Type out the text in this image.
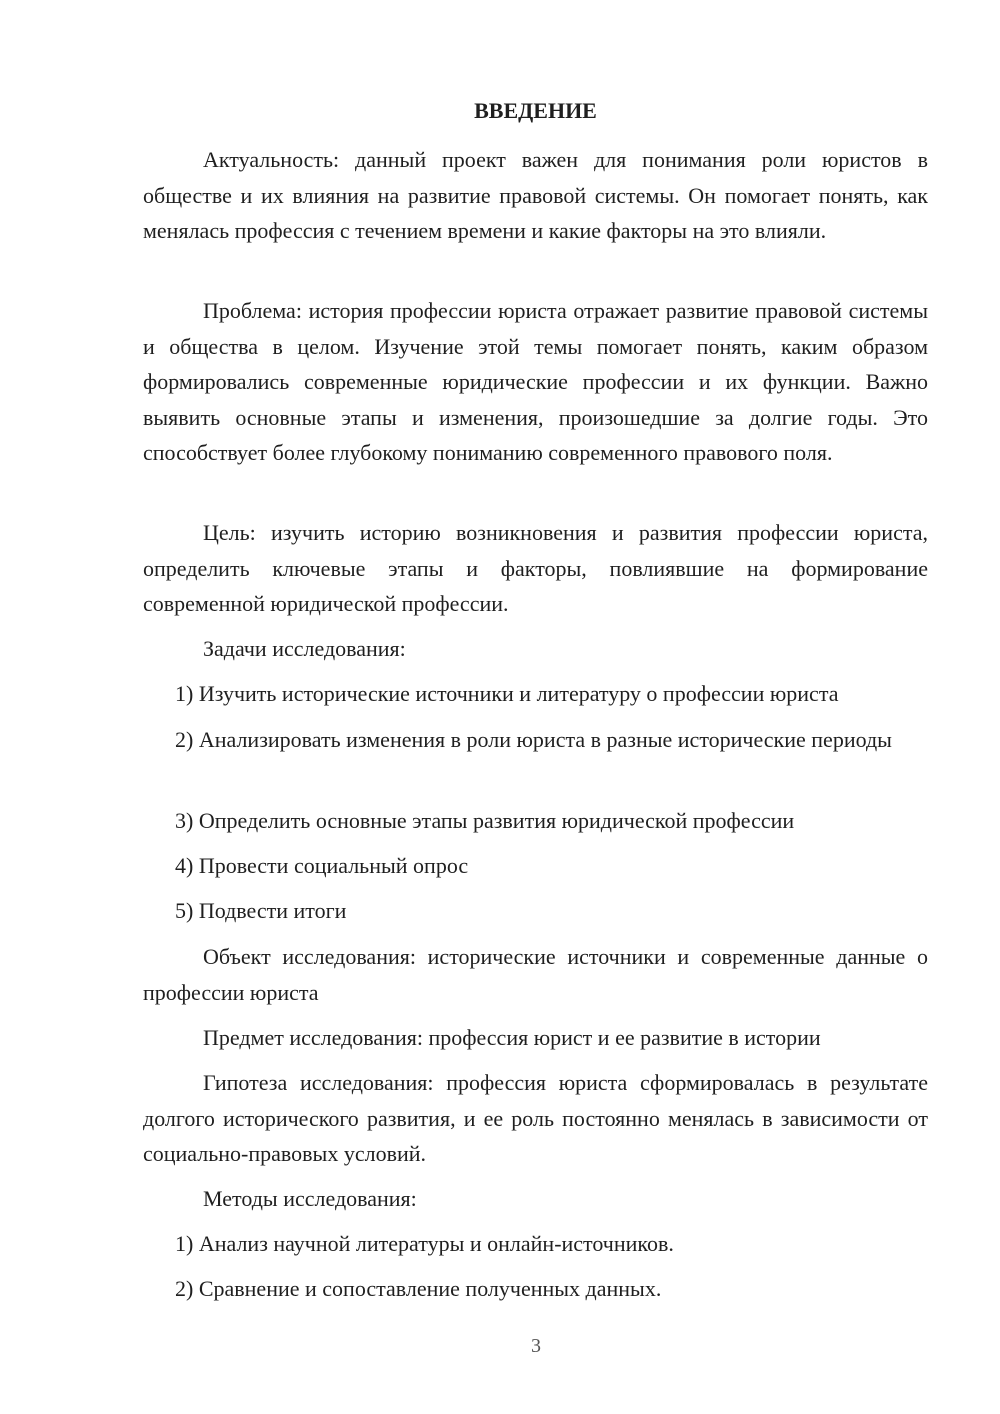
ВВЕДЕНИЕ

Актуальность: данный проект важен для понимания роли юристов в обществе и их влияния на развитие правовой системы. Он помогает понять, как менялась профессия с течением времени и какие факторы на это влияли.

Проблема: история профессии юриста отражает развитие правовой системы и общества в целом. Изучение этой темы помогает понять, каким образом формировались современные юридические профессии и их функции. Важно выявить основные этапы и изменения, произошедшие за долгие годы. Это способствует более глубокому пониманию современного правового поля.

Цель: изучить историю возникновения и развития профессии юриста, определить ключевые этапы и факторы, повлиявшие на формирование современной юридической профессии.

Задачи исследования:

1) Изучить исторические источники и литературу о профессии юриста

2) Анализировать изменения в роли юриста в разные исторические периоды

3) Определить основные этапы развития юридической профессии

4) Провести социальный опрос

5) Подвести итоги

Объект исследования: исторические источники и современные данные о профессии юриста

Предмет исследования: профессия юрист и ее развитие в истории

Гипотеза исследования: профессия юриста сформировалась в результате долгого исторического развития, и ее роль постоянно менялась в зависимости от социально-правовых условий.

Методы исследования:

1) Анализ научной литературы и онлайн-источников.

2) Сравнение и сопоставление полученных данных.

3
